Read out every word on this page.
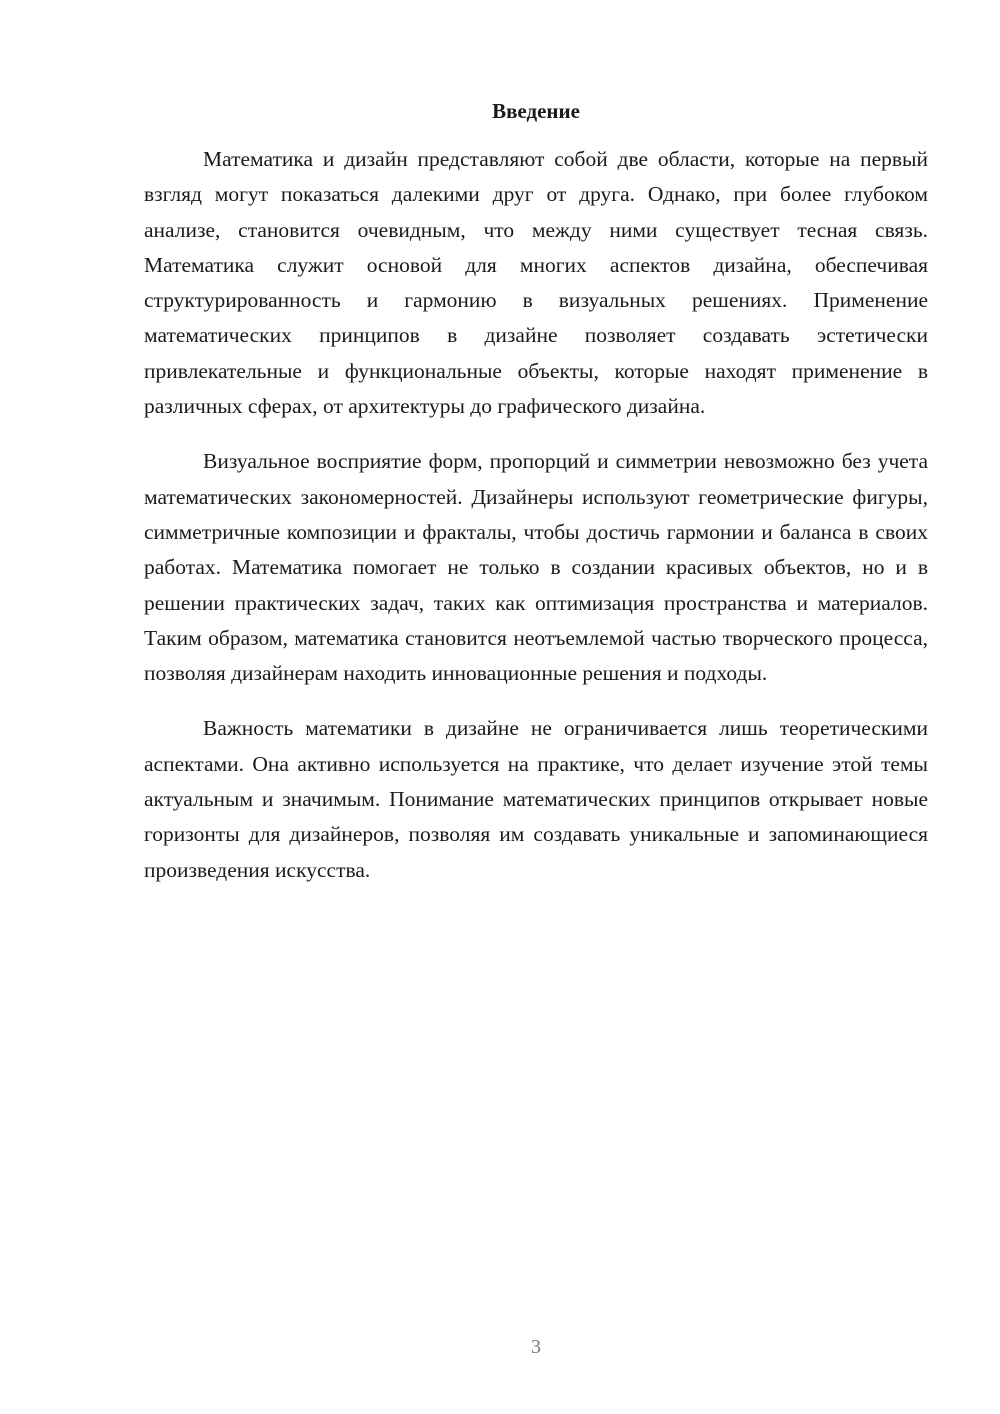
Введение

Математика и дизайн представляют собой две области, которые на первый взгляд могут показаться далекими друг от друга. Однако, при более глубоком анализе, становится очевидным, что между ними существует тесная связь. Математика служит основой для многих аспектов дизайна, обеспечивая структурированность и гармонию в визуальных решениях. Применение математических принципов в дизайне позволяет создавать эстетически привлекательные и функциональные объекты, которые находят применение в различных сферах, от архитектуры до графического дизайна.

Визуальное восприятие форм, пропорций и симметрии невозможно без учета математических закономерностей. Дизайнеры используют геометрические фигуры, симметричные композиции и фракталы, чтобы достичь гармонии и баланса в своих работах. Математика помогает не только в создании красивых объектов, но и в решении практических задач, таких как оптимизация пространства и материалов. Таким образом, математика становится неотъемлемой частью творческого процесса, позволяя дизайнерам находить инновационные решения и подходы.

Важность математики в дизайне не ограничивается лишь теоретическими аспектами. Она активно используется на практике, что делает изучение этой темы актуальным и значимым. Понимание математических принципов открывает новые горизонты для дизайнеров, позволяя им создавать уникальные и запоминающиеся произведения искусства.

3
